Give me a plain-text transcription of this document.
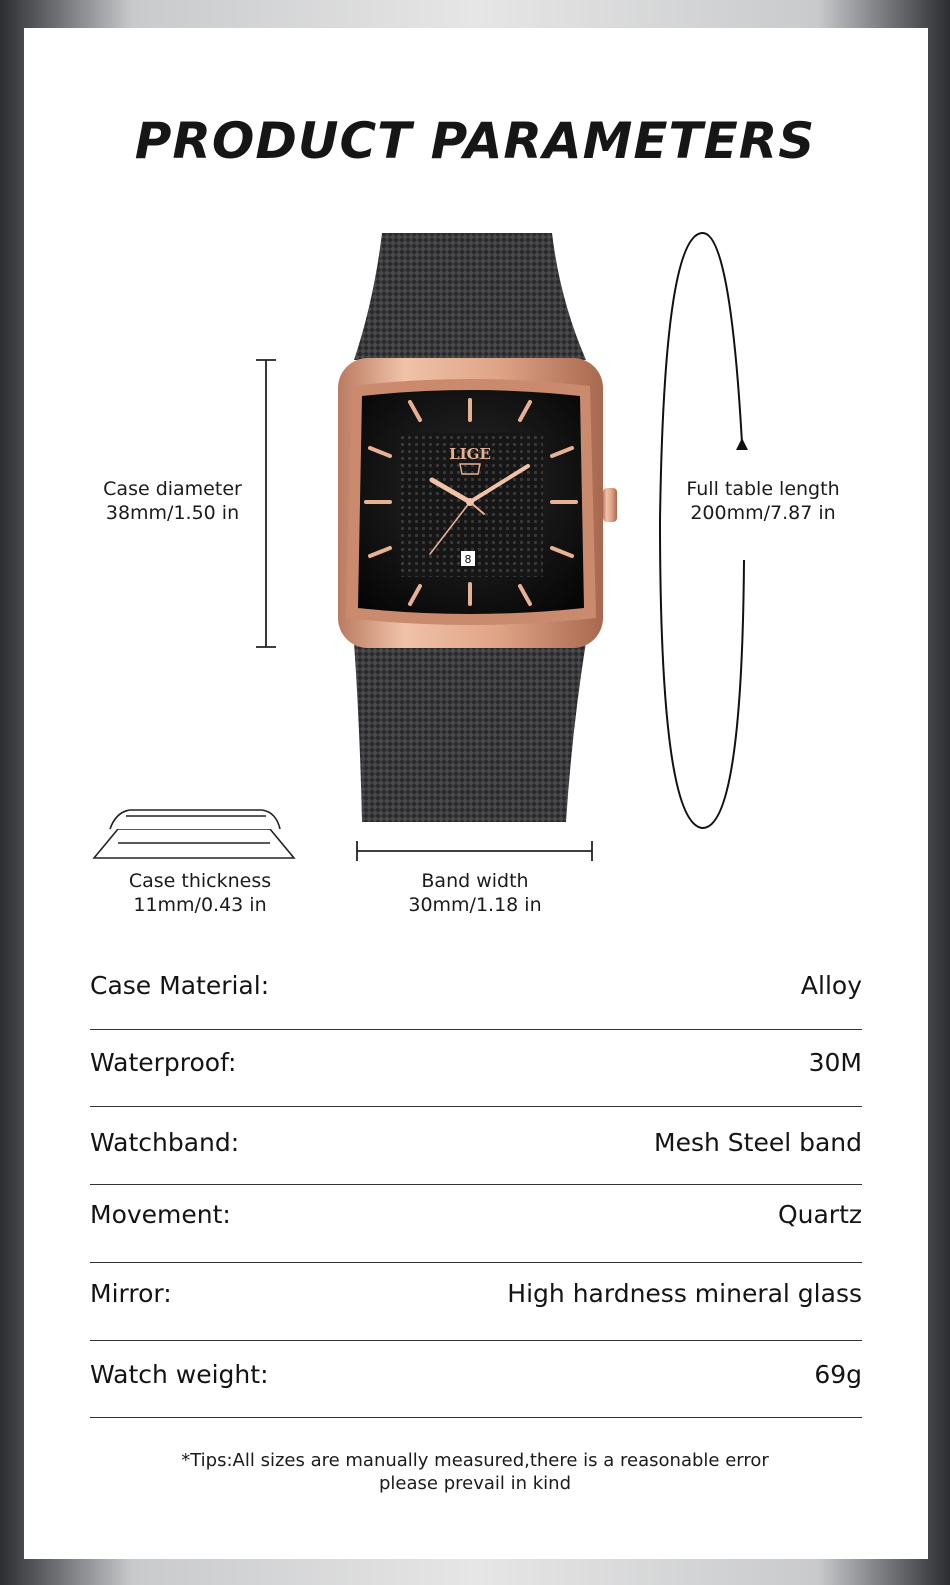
PRODUCT PARAMETERS
LIGE
8
Case diameter
38mm/1.50 in
Full table length
200mm/7.87 in
Case thickness
11mm/0.43 in
Band width
30mm/1.18 in
Case Material:	Alloy
Waterproof:	30M
Watchband:	Mesh Steel band
Movement:	Quartz
Mirror:	High hardness mineral glass
Watch weight:	69g
*Tips:All sizes are manually measured,there is a reasonable error
please prevail in kind
